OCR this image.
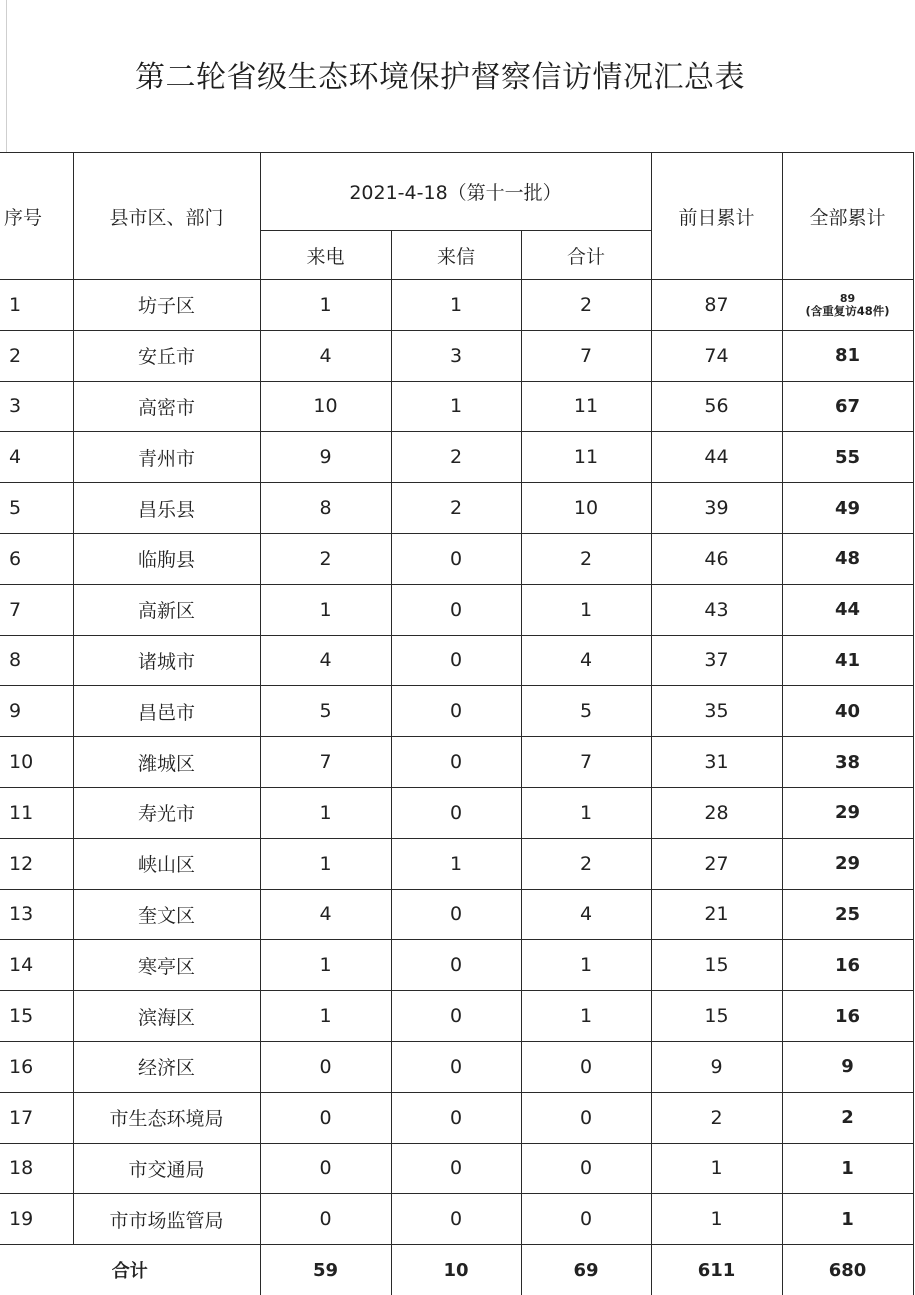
第二轮省级生态环境保护督察信访情况汇总表
序号	县市区、部门	2021-4-18（第十一批）			前日累计	全部累计
		来电	来信	合计		
1	坊子区	1	1	2	87	89
(含重复访48件)

2	安丘市	4	3	7	74	81
3	高密市	10	1	11	56	67
4	青州市	9	2	11	44	55
5	昌乐县	8	2	10	39	49
6	临朐县	2	0	2	46	48
7	高新区	1	0	1	43	44
8	诸城市	4	0	4	37	41
9	昌邑市	5	0	5	35	40
10	潍城区	7	0	7	31	38
11	寿光市	1	0	1	28	29
12	峡山区	1	1	2	27	29
13	奎文区	4	0	4	21	25
14	寒亭区	1	0	1	15	16
15	滨海区	1	0	1	15	16
16	经济区	0	0	0	9	9
17	市生态环境局	0	0	0	2	2
18	市交通局	0	0	0	1	1
19	市市场监管局	0	0	0	1	1
合计		59	10	69	611	680
